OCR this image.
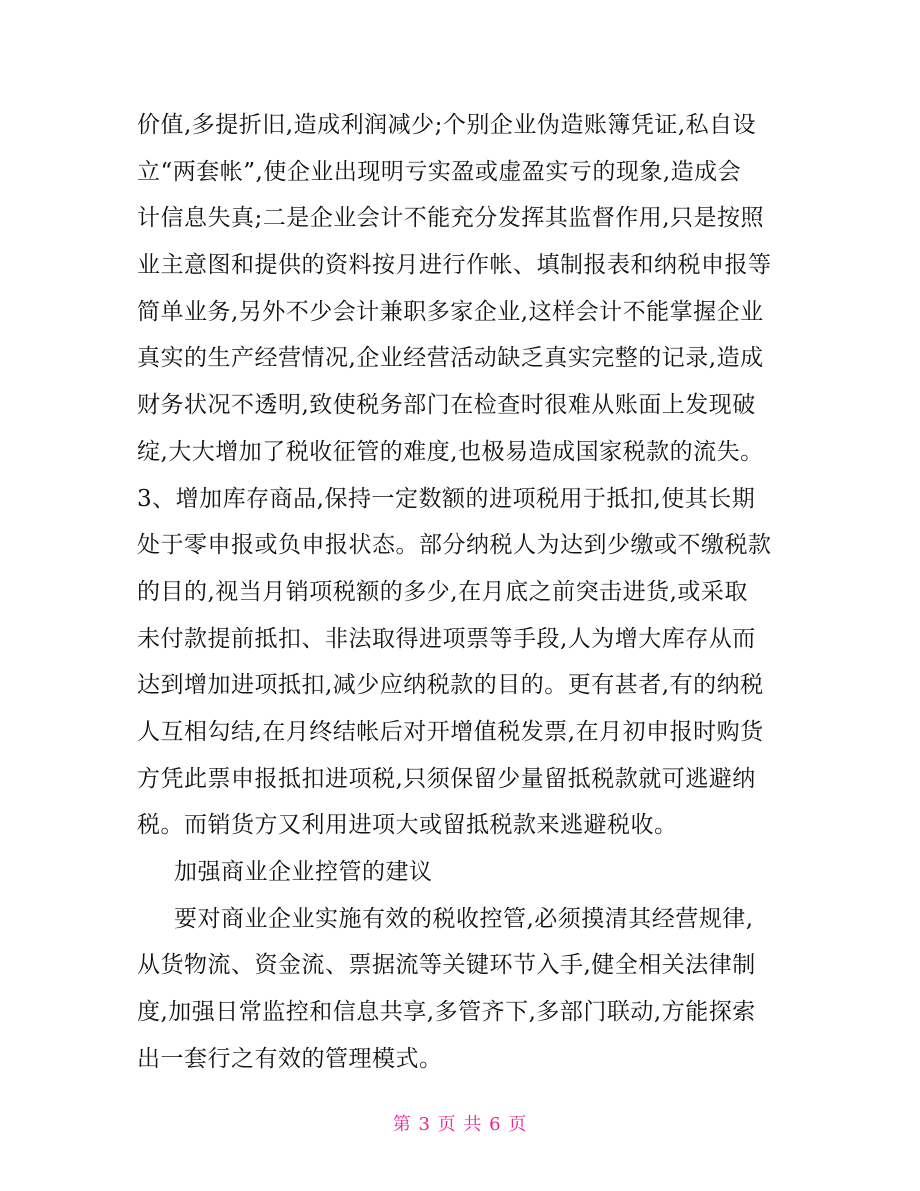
价值,多提折旧,造成利润减少;个别企业伪造账簿凭证,私自设
立“两套帐”,使企业出现明亏实盈或虚盈实亏的现象,造成会
计信息失真;二是企业会计不能充分发挥其监督作用,只是按照
业主意图和提供的资料按月进行作帐、填制报表和纳税申报等
简单业务,另外不少会计兼职多家企业,这样会计不能掌握企业
真实的生产经营情况,企业经营活动缺乏真实完整的记录,造成
财务状况不透明,致使税务部门在检查时很难从账面上发现破
绽,大大增加了税收征管的难度,也极易造成国家税款的流失。
3、增加库存商品,保持一定数额的进项税用于抵扣,使其长期
处于零申报或负申报状态。部分纳税人为达到少缴或不缴税款
的目的,视当月销项税额的多少,在月底之前突击进货,或采取
未付款提前抵扣、非法取得进项票等手段,人为增大库存从而
达到增加进项抵扣,减少应纳税款的目的。更有甚者,有的纳税
人互相勾结,在月终结帐后对开增值税发票,在月初申报时购货
方凭此票申报抵扣进项税,只须保留少量留抵税款就可逃避纳
税。而销货方又利用进项大或留抵税款来逃避税收。
加强商业企业控管的建议
要对商业企业实施有效的税收控管,必须摸清其经营规律,
从货物流、资金流、票据流等关键环节入手,健全相关法律制
度,加强日常监控和信息共享,多管齐下,多部门联动,方能探索
出一套行之有效的管理模式。
第 3 页 共 6 页
